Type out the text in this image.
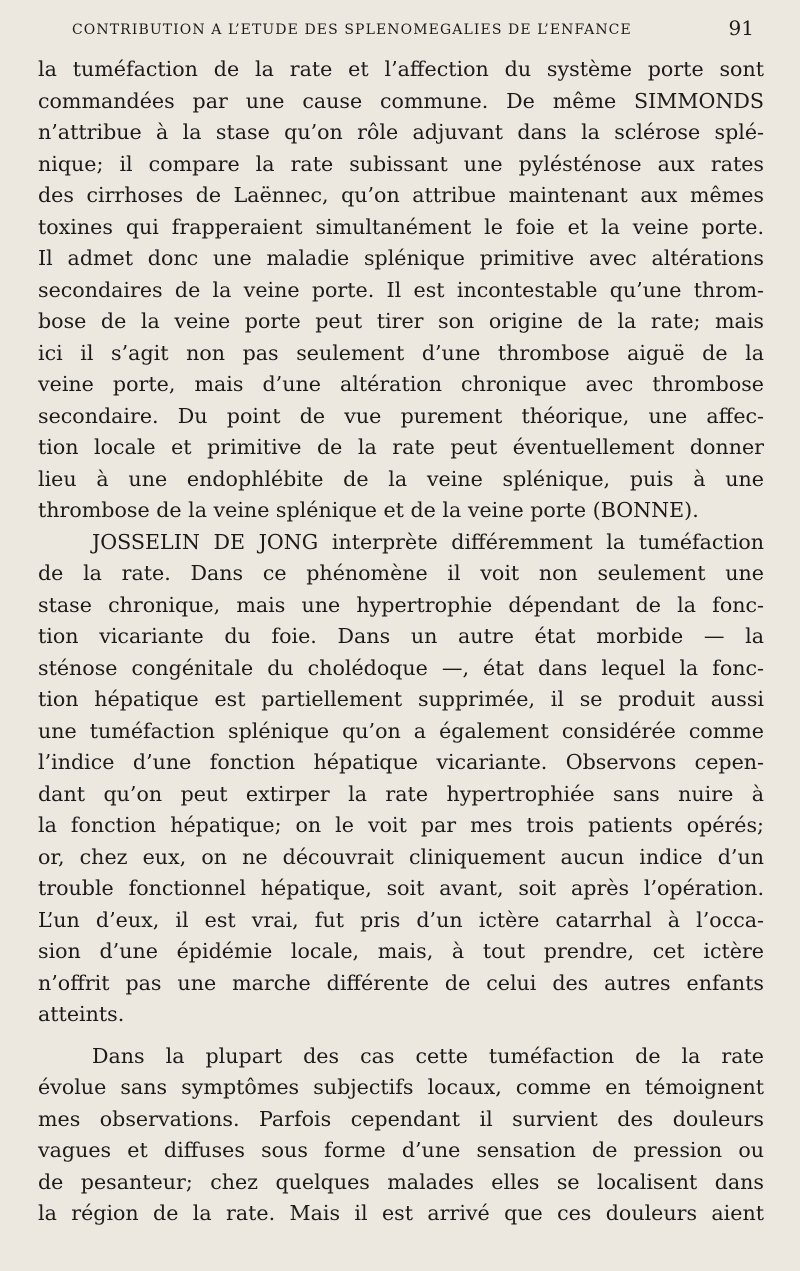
CONTRIBUTION A L’ETUDE DES SPLENOMEGALIES DE L’ENFANCE	91

la tuméfaction de la rate et l’affection du système porte sont

commandées par une cause commune. De même SIMMONDS

n’attribue à la stase qu’on rôle adjuvant dans la sclérose splé-

nique; il compare la rate subissant une pylésténose aux rates

des cirrhoses de Laënnec, qu’on attribue maintenant aux mêmes

toxines qui frapperaient simultanément le foie et la veine porte.

Il admet donc une maladie splénique primitive avec altérations

secondaires de la veine porte. Il est incontestable qu’une throm-

bose de la veine porte peut tirer son origine de la rate; mais

ici il s’agit non pas seulement d’une thrombose aiguë de la

veine porte, mais d’une altération chronique avec thrombose

secondaire. Du point de vue purement théorique, une affec-

tion locale et primitive de la rate peut éventuellement donner

lieu à une endophlébite de la veine splénique, puis à une

thrombose de la veine splénique et de la veine porte (BONNE).

JOSSELIN DE JONG interprète différemment la tuméfaction

de la rate. Dans ce phénomène il voit non seulement une

stase chronique, mais une hypertrophie dépendant de la fonc-

tion vicariante du foie. Dans un autre état morbide — la

sténose congénitale du cholédoque —, état dans lequel la fonc-

tion hépatique est partiellement supprimée, il se produit aussi

une tuméfaction splénique qu’on a également considérée comme

l’indice d’une fonction hépatique vicariante. Observons cepen-

dant qu’on peut extirper la rate hypertrophiée sans nuire à

la fonction hépatique; on le voit par mes trois patients opérés;

or, chez eux, on ne découvrait cliniquement aucun indice d’un

trouble fonctionnel hépatique, soit avant, soit après l’opération.

L’un d’eux, il est vrai, fut pris d’un ictère catarrhal à l’occa-

sion d’une épidémie locale, mais, à tout prendre, cet ictère

n’offrit pas une marche différente de celui des autres enfants

atteints.

Dans la plupart des cas cette tuméfaction de la rate

évolue sans symptômes subjectifs locaux, comme en témoignent

mes observations. Parfois cependant il survient des douleurs

vagues et diffuses sous forme d’une sensation de pression ou

de pesanteur; chez quelques malades elles se localisent dans

la région de la rate. Mais il est arrivé que ces douleurs aient
